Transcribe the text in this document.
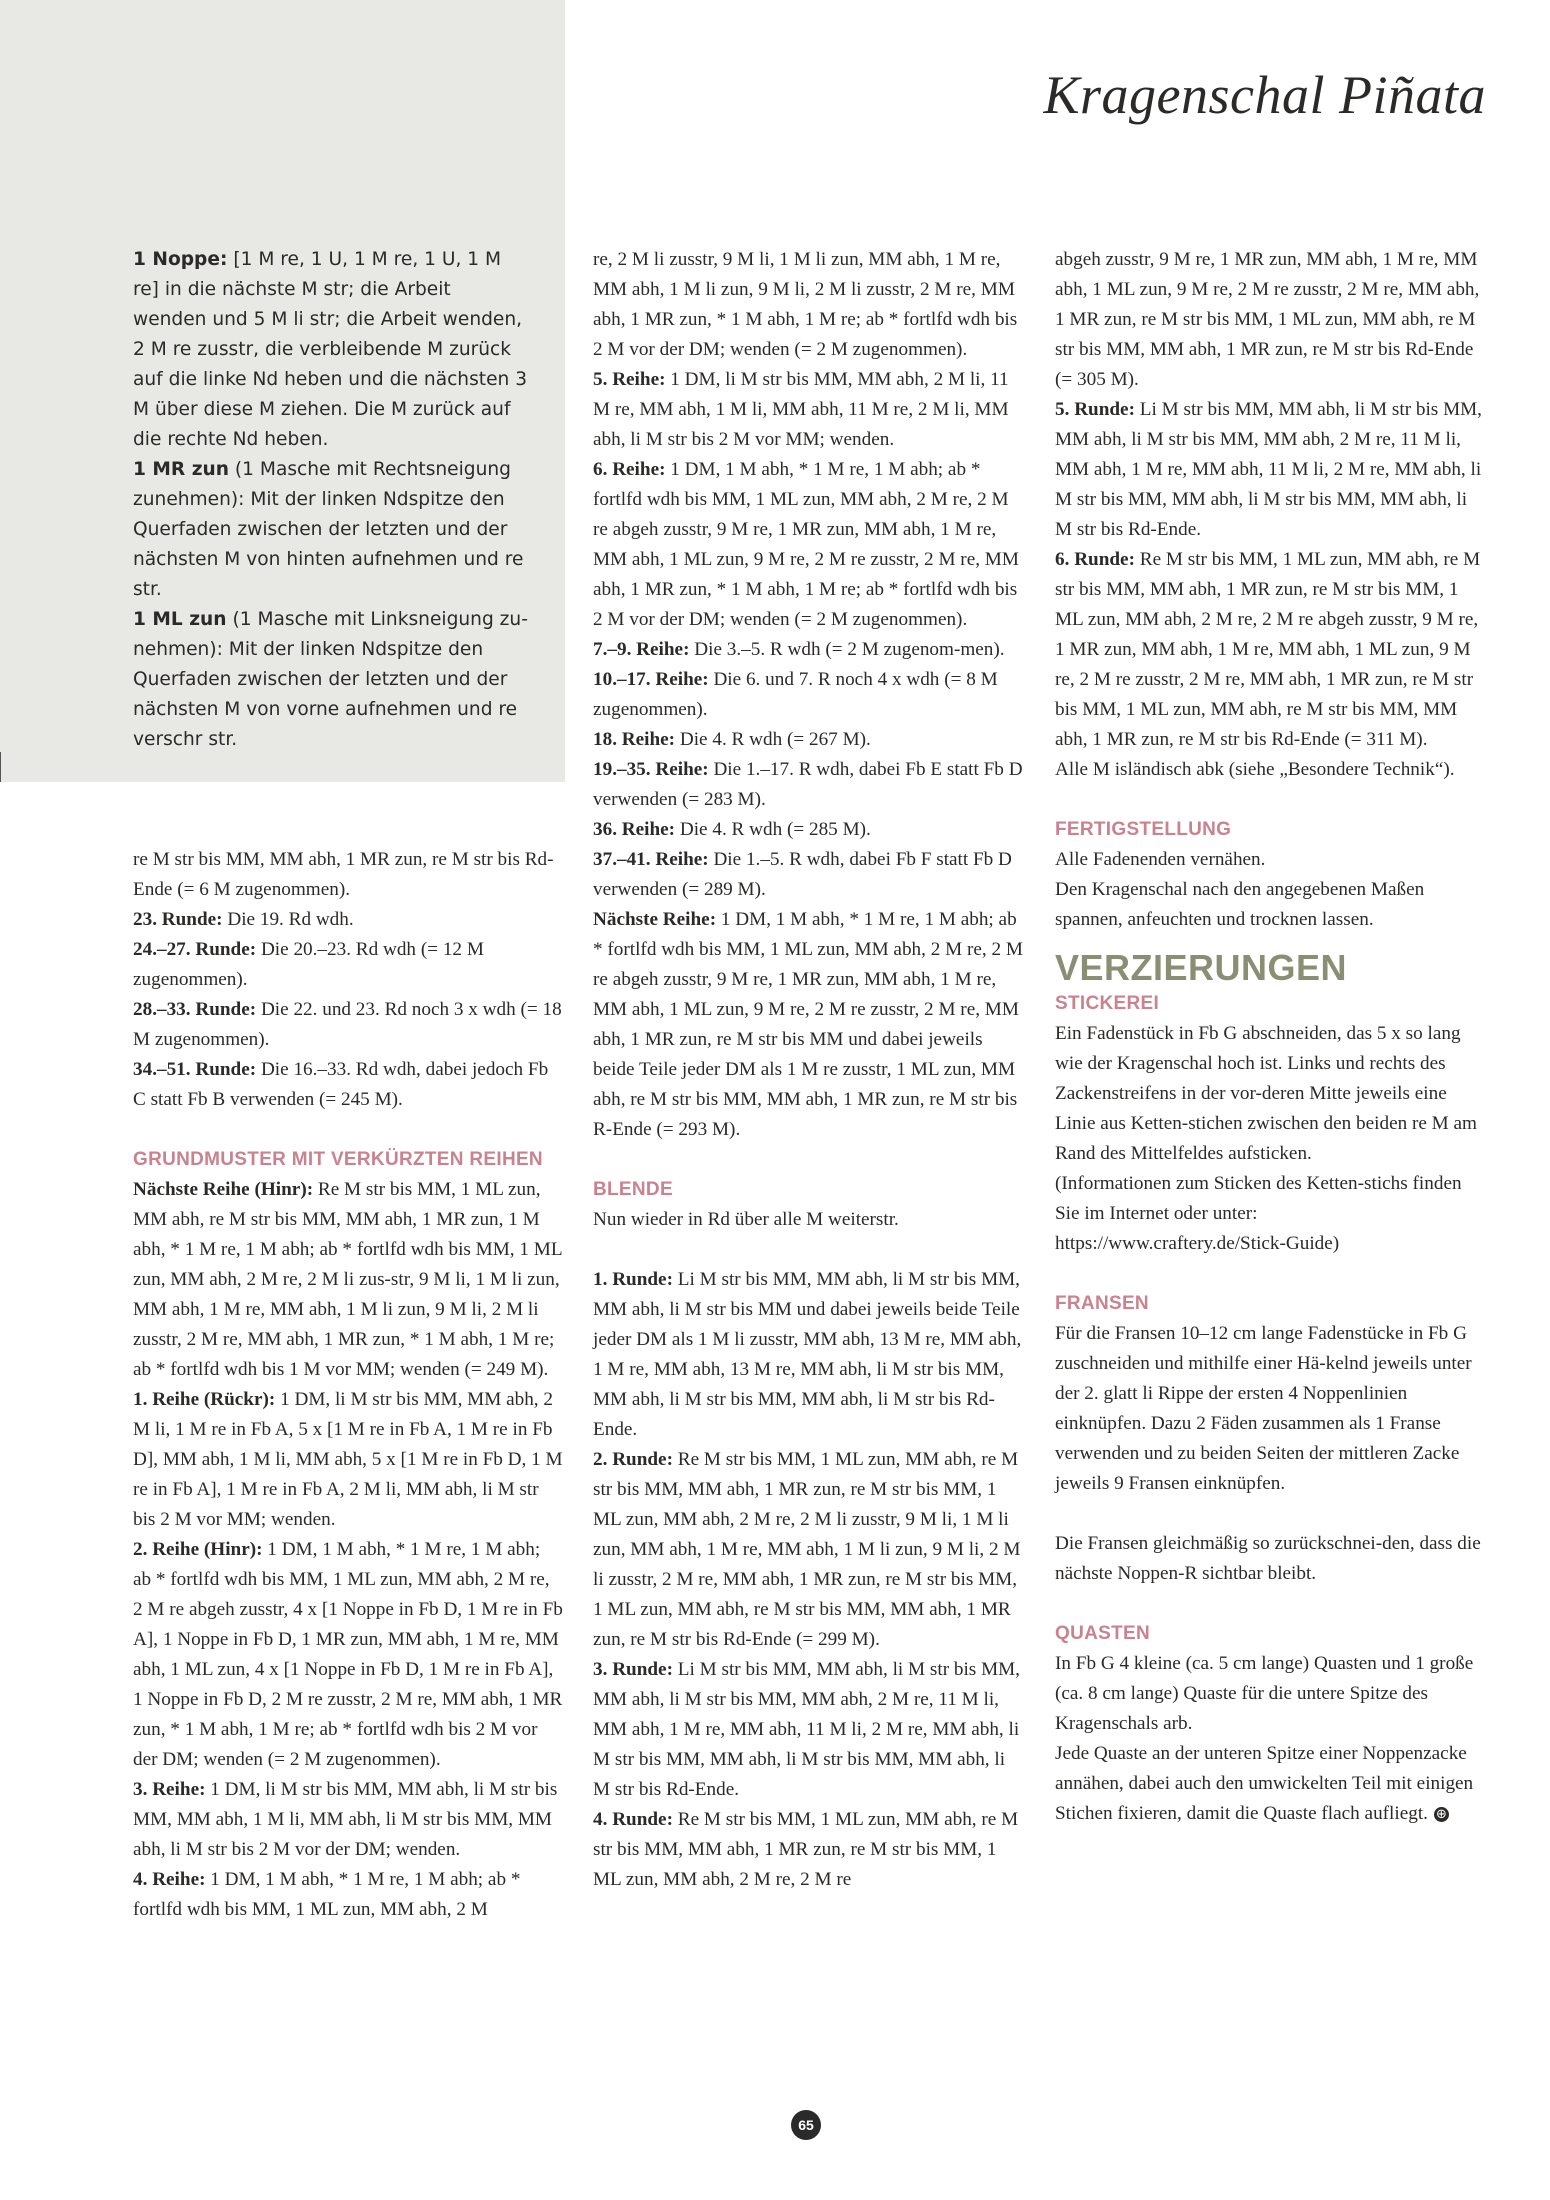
Kragenschal Piñata

1 Noppe: [1 M re, 1 U, 1 M re, 1 U, 1 M re] in die nächste M str; die Arbeit wenden und 5 M li str; die Arbeit wenden, 2 M re zusstr, die verbleibende M zurück auf die linke Nd heben und die nächsten 3 M über diese M ziehen. Die M zurück auf die rechte Nd heben.

1 MR zun (1 Masche mit Rechtsneigung zunehmen): Mit der linken Ndspitze den Querfaden zwischen der letzten und der nächsten M von hinten aufnehmen und re str.

1 ML zun (1 Masche mit Linksneigung zu-nehmen): Mit der linken Ndspitze den Querfaden zwischen der letzten und der nächsten M von vorne aufnehmen und re verschr str.

re M str bis MM, MM abh, 1 MR zun, re M str bis Rd-Ende (= 6 M zugenommen).

23. Runde: Die 19. Rd wdh.

24.–27. Runde: Die 20.–23. Rd wdh (= 12 M zugenommen).

28.–33. Runde: Die 22. und 23. Rd noch 3 x wdh (= 18 M zugenommen).

34.–51. Runde: Die 16.–33. Rd wdh, dabei jedoch Fb C statt Fb B verwenden (= 245 M).

GRUNDMUSTER MIT VERKÜRZTEN REIHEN

Nächste Reihe (Hinr): Re M str bis MM, 1 ML zun, MM abh, re M str bis MM, MM abh, 1 MR zun, 1 M abh, * 1 M re, 1 M abh; ab * fortlfd wdh bis MM, 1 ML zun, MM abh, 2 M re, 2 M li zus-str, 9 M li, 1 M li zun, MM abh, 1 M re, MM abh, 1 M li zun, 9 M li, 2 M li zusstr, 2 M re, MM abh, 1 MR zun, * 1 M abh, 1 M re; ab * fortlfd wdh bis 1 M vor MM; wenden (= 249 M).

1. Reihe (Rückr): 1 DM, li M str bis MM, MM abh, 2 M li, 1 M re in Fb A, 5 x [1 M re in Fb A, 1 M re in Fb D], MM abh, 1 M li, MM abh, 5 x [1 M re in Fb D, 1 M re in Fb A], 1 M re in Fb A, 2 M li, MM abh, li M str bis 2 M vor MM; wenden.

2. Reihe (Hinr): 1 DM, 1 M abh, * 1 M re, 1 M abh; ab * fortlfd wdh bis MM, 1 ML zun, MM abh, 2 M re, 2 M re abgeh zusstr, 4 x [1 Noppe in Fb D, 1 M re in Fb A], 1 Noppe in Fb D, 1 MR zun, MM abh, 1 M re, MM abh, 1 ML zun, 4 x [1 Noppe in Fb D, 1 M re in Fb A], 1 Noppe in Fb D, 2 M re zusstr, 2 M re, MM abh, 1 MR zun, * 1 M abh, 1 M re; ab * fortlfd wdh bis 2 M vor der DM; wenden (= 2 M zugenommen).

3. Reihe: 1 DM, li M str bis MM, MM abh, li M str bis MM, MM abh, 1 M li, MM abh, li M str bis MM, MM abh, li M str bis 2 M vor der DM; wenden.

4. Reihe: 1 DM, 1 M abh, * 1 M re, 1 M abh; ab * fortlfd wdh bis MM, 1 ML zun, MM abh, 2 M

re, 2 M li zusstr, 9 M li, 1 M li zun, MM abh, 1 M re, MM abh, 1 M li zun, 9 M li, 2 M li zusstr, 2 M re, MM abh, 1 MR zun, * 1 M abh, 1 M re; ab * fortlfd wdh bis 2 M vor der DM; wenden (= 2 M zugenommen).

5. Reihe: 1 DM, li M str bis MM, MM abh, 2 M li, 11 M re, MM abh, 1 M li, MM abh, 11 M re, 2 M li, MM abh, li M str bis 2 M vor MM; wenden.

6. Reihe: 1 DM, 1 M abh, * 1 M re, 1 M abh; ab * fortlfd wdh bis MM, 1 ML zun, MM abh, 2 M re, 2 M re abgeh zusstr, 9 M re, 1 MR zun, MM abh, 1 M re, MM abh, 1 ML zun, 9 M re, 2 M re zusstr, 2 M re, MM abh, 1 MR zun, * 1 M abh, 1 M re; ab * fortlfd wdh bis 2 M vor der DM; wenden (= 2 M zugenommen).

7.–9. Reihe: Die 3.–5. R wdh (= 2 M zugenom-men).

10.–17. Reihe: Die 6. und 7. R noch 4 x wdh (= 8 M zugenommen).

18. Reihe: Die 4. R wdh (= 267 M).

19.–35. Reihe: Die 1.–17. R wdh, dabei Fb E statt Fb D verwenden (= 283 M).

36. Reihe: Die 4. R wdh (= 285 M).

37.–41. Reihe: Die 1.–5. R wdh, dabei Fb F statt Fb D verwenden (= 289 M).

Nächste Reihe: 1 DM, 1 M abh, * 1 M re, 1 M abh; ab * fortlfd wdh bis MM, 1 ML zun, MM abh, 2 M re, 2 M re abgeh zusstr, 9 M re, 1 MR zun, MM abh, 1 M re, MM abh, 1 ML zun, 9 M re, 2 M re zusstr, 2 M re, MM abh, 1 MR zun, re M str bis MM und dabei jeweils beide Teile jeder DM als 1 M re zusstr, 1 ML zun, MM abh, re M str bis MM, MM abh, 1 MR zun, re M str bis R-Ende (= 293 M).

BLENDE

Nun wieder in Rd über alle M weiterstr.

1. Runde: Li M str bis MM, MM abh, li M str bis MM, MM abh, li M str bis MM und dabei jeweils beide Teile jeder DM als 1 M li zusstr, MM abh, 13 M re, MM abh, 1 M re, MM abh, 13 M re, MM abh, li M str bis MM, MM abh, li M str bis MM, MM abh, li M str bis Rd-Ende.

2. Runde: Re M str bis MM, 1 ML zun, MM abh, re M str bis MM, MM abh, 1 MR zun, re M str bis MM, 1 ML zun, MM abh, 2 M re, 2 M li zusstr, 9 M li, 1 M li zun, MM abh, 1 M re, MM abh, 1 M li zun, 9 M li, 2 M li zusstr, 2 M re, MM abh, 1 MR zun, re M str bis MM, 1 ML zun, MM abh, re M str bis MM, MM abh, 1 MR zun, re M str bis Rd-Ende (= 299 M).

3. Runde: Li M str bis MM, MM abh, li M str bis MM, MM abh, li M str bis MM, MM abh, 2 M re, 11 M li, MM abh, 1 M re, MM abh, 11 M li, 2 M re, MM abh, li M str bis MM, MM abh, li M str bis MM, MM abh, li M str bis Rd-Ende.

4. Runde: Re M str bis MM, 1 ML zun, MM abh, re M str bis MM, MM abh, 1 MR zun, re M str bis MM, 1 ML zun, MM abh, 2 M re, 2 M re

abgeh zusstr, 9 M re, 1 MR zun, MM abh, 1 M re, MM abh, 1 ML zun, 9 M re, 2 M re zusstr, 2 M re, MM abh, 1 MR zun, re M str bis MM, 1 ML zun, MM abh, re M str bis MM, MM abh, 1 MR zun, re M str bis Rd-Ende (= 305 M).

5. Runde: Li M str bis MM, MM abh, li M str bis MM, MM abh, li M str bis MM, MM abh, 2 M re, 11 M li, MM abh, 1 M re, MM abh, 11 M li, 2 M re, MM abh, li M str bis MM, MM abh, li M str bis MM, MM abh, li M str bis Rd-Ende.

6. Runde: Re M str bis MM, 1 ML zun, MM abh, re M str bis MM, MM abh, 1 MR zun, re M str bis MM, 1 ML zun, MM abh, 2 M re, 2 M re abgeh zusstr, 9 M re, 1 MR zun, MM abh, 1 M re, MM abh, 1 ML zun, 9 M re, 2 M re zusstr, 2 M re, MM abh, 1 MR zun, re M str bis MM, 1 ML zun, MM abh, re M str bis MM, MM abh, 1 MR zun, re M str bis Rd-Ende (= 311 M).

Alle M isländisch abk (siehe „Besondere Technik“).

FERTIGSTELLUNG

Alle Fadenenden vernähen.

Den Kragenschal nach den angegebenen Maßen spannen, anfeuchten und trocknen lassen.

VERZIERUNGEN

STICKEREI

Ein Fadenstück in Fb G abschneiden, das 5 x so lang wie der Kragenschal hoch ist. Links und rechts des Zackenstreifens in der vor-deren Mitte jeweils eine Linie aus Ketten-stichen zwischen den beiden re M am Rand des Mittelfeldes aufsticken.

(Informationen zum Sticken des Ketten-stichs finden Sie im Internet oder unter: https://www.craftery.de/Stick-Guide)

FRANSEN

Für die Fransen 10–12 cm lange Fadenstücke in Fb G zuschneiden und mithilfe einer Hä-kelnd jeweils unter der 2. glatt li Rippe der ersten 4 Noppenlinien einknüpfen. Dazu 2 Fäden zusammen als 1 Franse verwenden und zu beiden Seiten der mittleren Zacke jeweils 9 Fransen einknüpfen.

Die Fransen gleichmäßig so zurückschnei-den, dass die nächste Noppen-R sichtbar bleibt.

QUASTEN

In Fb G 4 kleine (ca. 5 cm lange) Quasten und 1 große (ca. 8 cm lange) Quaste für die untere Spitze des Kragenschals arb.

Jede Quaste an der unteren Spitze einer Noppenzacke annähen, dabei auch den umwickelten Teil mit einigen Stichen fixieren, damit die Quaste flach aufliegt. ⊕

65
